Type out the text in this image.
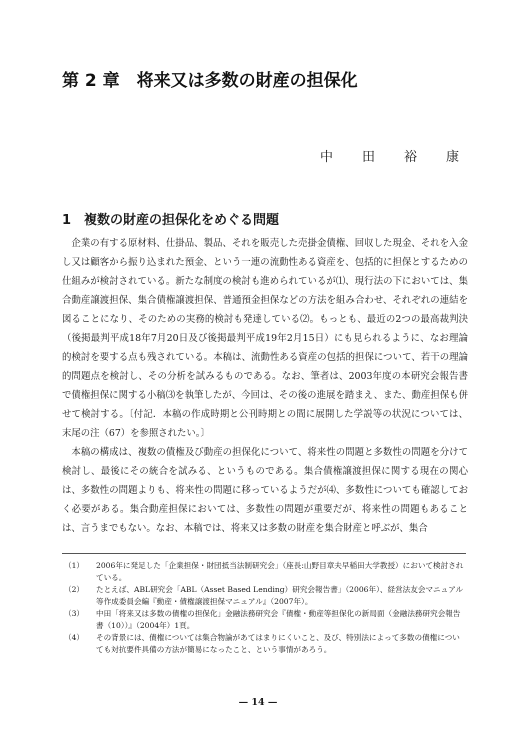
第 2 章　将来又は多数の財産の担保化
中　　田　　裕　　康
1　複数の財産の担保化をめぐる問題

企業の有する原材料、仕掛品、製品、それを販売した売掛金債権、回収した現金、それを入金し又は顧客から振り込まれた預金、という一連の流動性ある資産を、包括的に担保とするための仕組みが検討されている。新たな制度の検討も進められているが⑴、現行法の下においては、集合動産譲渡担保、集合債権譲渡担保、普通預金担保などの方法を組み合わせ、それぞれの連結を図ることになり、そのための実務的検討も発達している⑵。もっとも、最近の2つの最高裁判決（後掲最判平成18年7月20日及び後掲最判平成19年2月15日）にも見られるように、なお理論的検討を要する点も残されている。本稿は、流動性ある資産の包括的担保について、若干の理論的問題点を検討し、その分析を試みるものである。なお、筆者は、2003年度の本研究会報告書で債権担保に関する小稿⑶を執筆したが、今回は、その後の進展を踏まえ、また、動産担保も併せて検討する。〔付記．本稿の作成時期と公刊時期との間に展開した学説等の状況については、末尾の注（67）を参照されたい。〕

本稿の構成は、複数の債権及び動産の担保化について、将来性の問題と多数性の問題を分けて検討し、最後にその統合を試みる、というものである。集合債権譲渡担保に関する現在の関心は、多数性の問題よりも、将来性の問題に移っているようだが⑷、多数性についても確認しておく必要がある。集合動産担保においては、多数性の問題が重要だが、将来性の問題もあることは、言うまでもない。なお、本稿では、将来又は多数の財産を集合財産と呼ぶが、集合

（1） 2006年に発足した「企業担保・財団抵当法制研究会」（座長:山野目章夫早稲田大学教授）において検討されている。
（2） たとえば、ABL研究会「ABL（Asset Based Lending）研究会報告書」（2006年）、経営法友会マニュアル等作成委員会編『動産・債権譲渡担保マニュアル』（2007年）。
（3） 中田「将来又は多数の債権の担保化」金融法務研究会『債権・動産等担保化の新局面（金融法務研究会報告書（10））』（2004年）1頁。
（4） その背景には、債権については集合物論があてはまりにくいこと、及び、特別法によって多数の債権についても対抗要件具備の方法が簡易になったこと、という事情があろう。
— 14 —
